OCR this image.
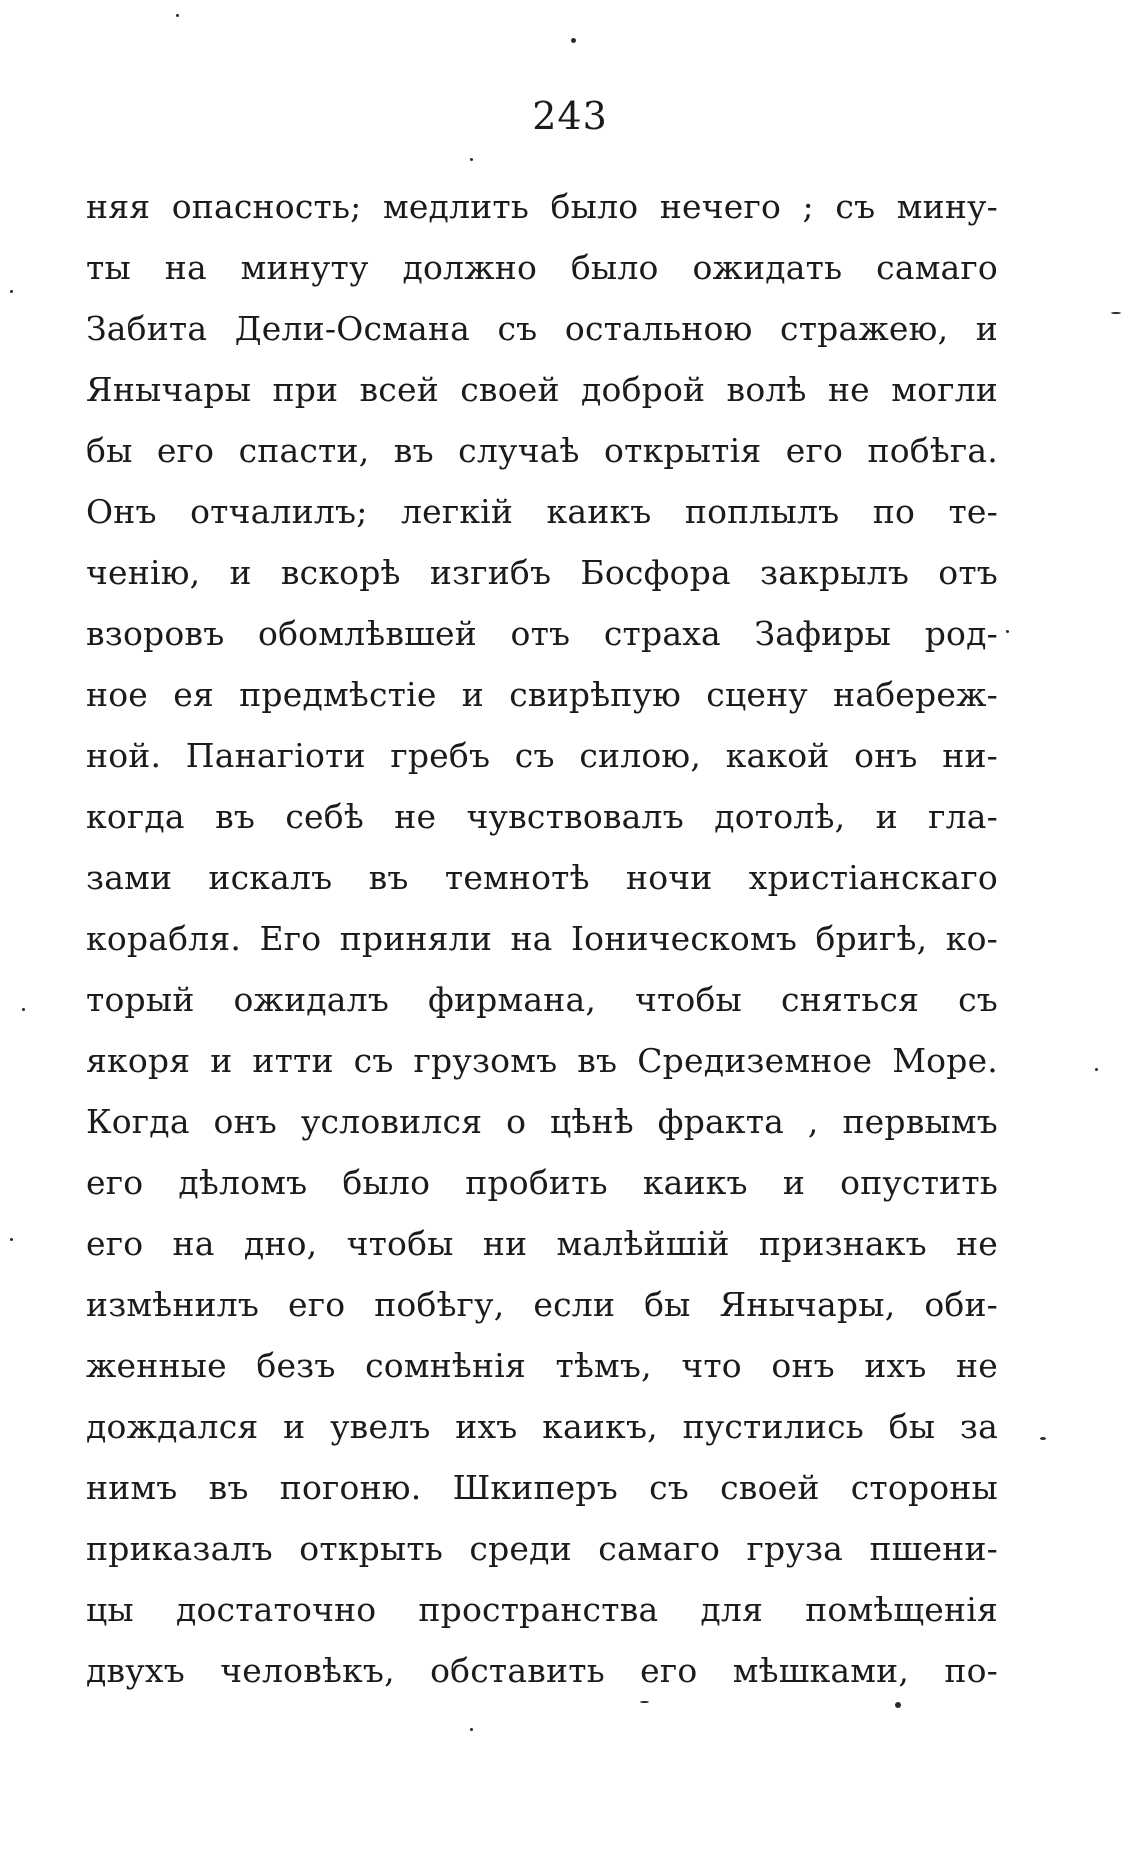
243
няя опасность; медлить было нечего ; съ мину-
ты на минуту должно было ожидать самаго
Забита Дели-Османа съ остальною стражею, и
Янычары при всей своей доброй волѣ не могли
бы его спасти, въ случаѣ открытія его побѣга.
Онъ отчалилъ; легкій каикъ поплылъ по те-
ченію, и вскорѣ изгибъ Босфора закрылъ отъ
взоровъ обомлѣвшей отъ страха Зафиры род-
ное ея предмѣстіе и свирѣпую сцену набереж-
ной. Панагіоти гребъ съ силою, какой онъ ни-
когда въ себѣ не чувствовалъ дотолѣ, и гла-
зами искалъ въ темнотѣ ночи христіанскаго
корабля. Его приняли на Іоническомъ бригѣ, ко-
торый ожидалъ фирмана, чтобы сняться съ
якоря и итти съ грузомъ въ Средиземное Море.
Когда онъ условился о цѣнѣ фракта , первымъ
его дѣломъ было пробить каикъ и опустить
его на дно, чтобы ни малѣйшій признакъ не
измѣнилъ его побѣгу, если бы Янычары, оби-
женные безъ сомнѣнія тѣмъ, что онъ ихъ не
дождался и увелъ ихъ каикъ, пустились бы за
нимъ въ погоню. Шкиперъ съ своей стороны
приказалъ открыть среди самаго груза пшени-
цы достаточно пространства для помѣщенія
двухъ человѣкъ, обставить его мѣшками, по-
